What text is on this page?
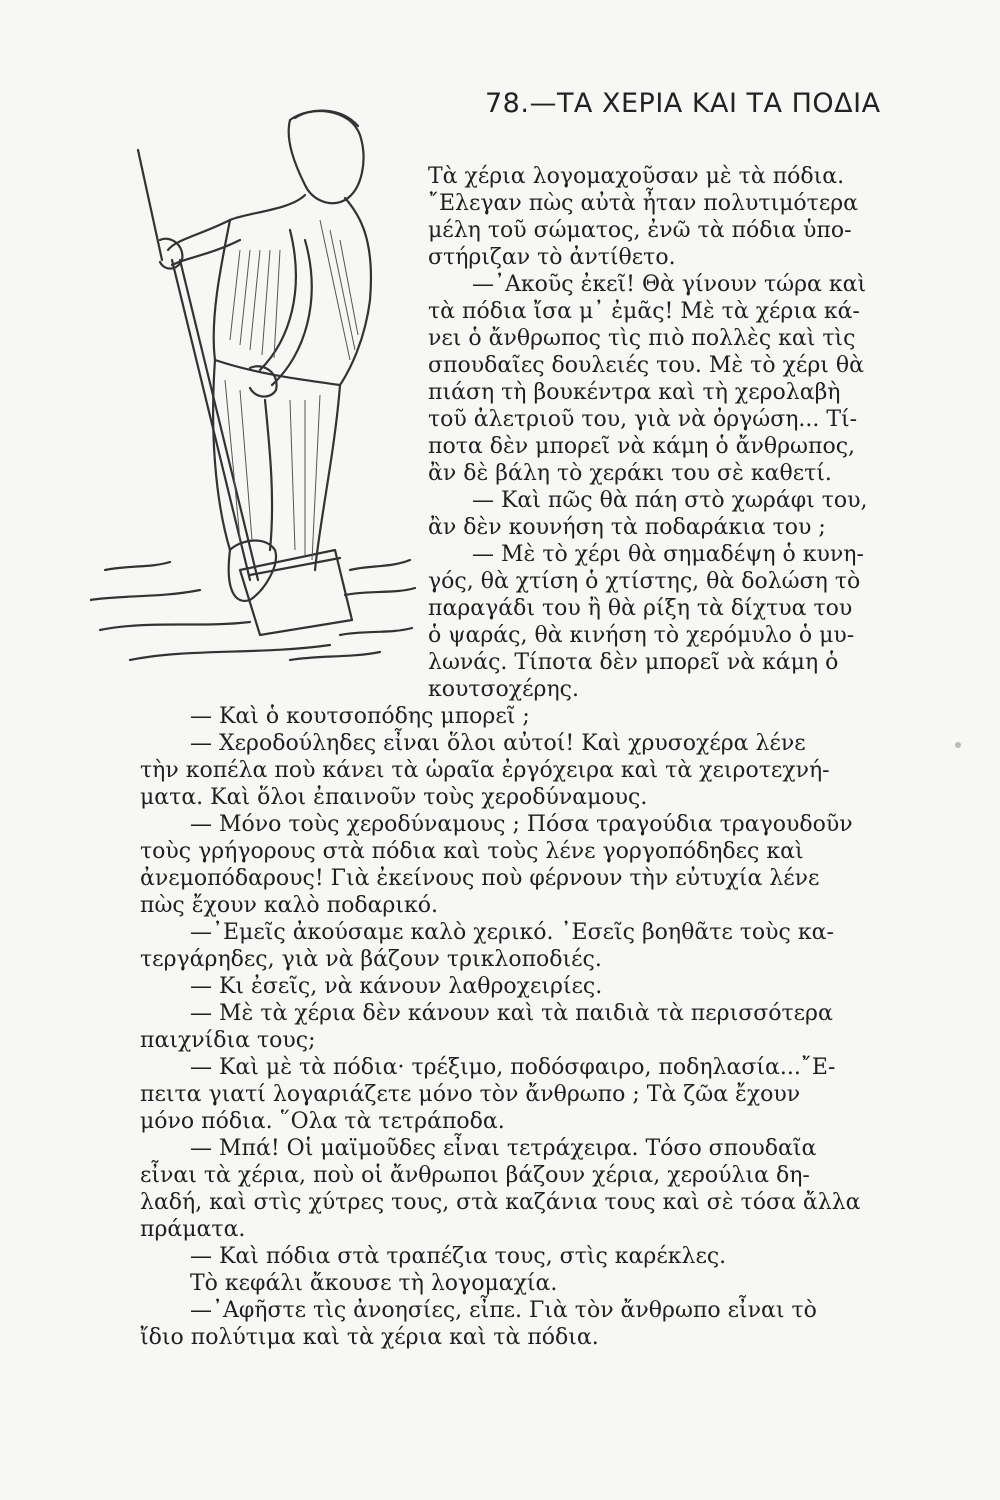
78.—ΤΑ ΧΕΡΙΑ ΚΑΙ ΤΑ ΠΟΔΙΑ
Τὰ χέρια λογομαχοῦσαν μὲ τὰ πόδια.
῎Ελεγαν πὼς αὐτὰ ἦταν πολυτιμότερα
μέλη τοῦ σώματος, ἐνῶ τὰ πόδια ὑπο-
στήριζαν τὸ ἀντίθετο.
—᾿Ακοῦς ἐκεῖ! Θὰ γίνουν τώρα καὶ
τὰ πόδια ἴσα μ᾿ ἐμᾶς! Μὲ τὰ χέρια κά-
νει ὁ ἄνθρωπος τὶς πιὸ πολλὲς καὶ τὶς
σπουδαῖες δουλειές του. Μὲ τὸ χέρι θὰ
πιάση τὴ βουκέντρα καὶ τὴ χερολαβὴ
τοῦ ἀλετριοῦ του, γιὰ νὰ ὀργώση... Τί-
ποτα δὲν μπορεῖ νὰ κάμη ὁ ἄνθρωπος,
ἂν δὲ βάλη τὸ χεράκι του σὲ καθετί.
— Καὶ πῶς θὰ πάη στὸ χωράφι του,
ἂν δὲν κουνήση τὰ ποδαράκια του ;
— Μὲ τὸ χέρι θὰ σημαδέψη ὁ κυνη-
γός, θὰ χτίση ὁ χτίστης, θὰ δολώση τὸ
παραγάδι του ἢ θὰ ρίξη τὰ δίχτυα του
ὁ ψαράς, θὰ κινήση τὸ χερόμυλο ὁ μυ-
λωνάς. Τίποτα δὲν μπορεῖ νὰ κάμη ὁ
κουτσοχέρης.
— Καὶ ὁ κουτσοπόδης μπορεῖ ;
— Χεροδούληδες εἶναι ὅλοι αὐτοί! Καὶ χρυσοχέρα λένε
τὴν κοπέλα ποὺ κάνει τὰ ὡραῖα ἐργόχειρα καὶ τὰ χειροτεχνή-
ματα. Καὶ ὅλοι ἐπαινοῦν τοὺς χεροδύναμους.
— Μόνο τοὺς χεροδύναμους ; Πόσα τραγούδια τραγουδοῦν
τοὺς γρήγορους στὰ πόδια καὶ τοὺς λένε γοργοπόδηδες καὶ
ἀνεμοπόδαρους! Γιὰ ἐκείνους ποὺ φέρνουν τὴν εὐτυχία λένε
πὼς ἔχουν καλὸ ποδαρικό.
—᾿Εμεῖς ἀκούσαμε καλὸ χερικό. ᾿Εσεῖς βοηθᾶτε τοὺς κα-
τεργάρηδες, γιὰ νὰ βάζουν τρικλοποδιές.
— Κι ἐσεῖς, νὰ κάνουν λαθροχειρίες.
— Μὲ τὰ χέρια δὲν κάνουν καὶ τὰ παιδιὰ τὰ περισσότερα
παιχνίδια τους;
— Καὶ μὲ τὰ πόδια· τρέξιμο, ποδόσφαιρο, ποδηλασία...῎Ε-
πειτα γιατί λογαριάζετε μόνο τὸν ἄνθρωπο ; Τὰ ζῶα ἔχουν
μόνο πόδια. ῞Ολα τὰ τετράποδα.
— Μπά! Οἱ μαϊμοῦδες εἶναι τετράχειρα. Τόσο σπουδαῖα
εἶναι τὰ χέρια, ποὺ οἱ ἄνθρωποι βάζουν χέρια, χερούλια δη-
λαδή, καὶ στὶς χύτρες τους, στὰ καζάνια τους καὶ σὲ τόσα ἄλλα
πράματα.
— Καὶ πόδια στὰ τραπέζια τους, στὶς καρέκλες.
Τὸ κεφάλι ἄκουσε τὴ λογομαχία.
—᾿Αφῆστε τὶς ἀνοησίες, εἶπε. Γιὰ τὸν ἄνθρωπο εἶναι τὸ
ἴδιο πολύτιμα καὶ τὰ χέρια καὶ τὰ πόδια.
